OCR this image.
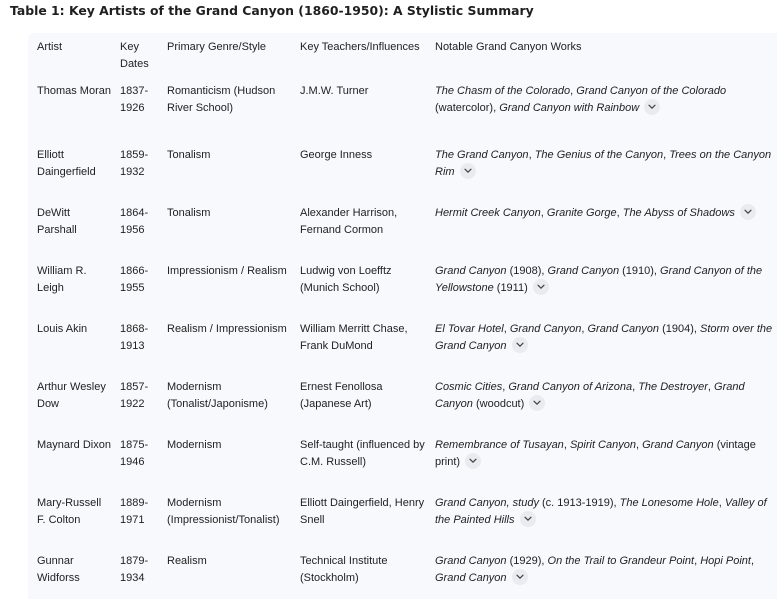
Table 1: Key Artists of the Grand Canyon (1860-1950): A Stylistic Summary
Artist	Key Dates	Primary Genre/Style	Key Teachers/Influences	Notable Grand Canyon Works

Thomas Moran	1837-1926	Romanticism (Hudson River School)	J.M.W. Turner	The Chasm of the Colorado, Grand Canyon of the Colorado (watercolor), Grand Canyon with Rainbow

Elliott Daingerfield	1859-1932	Tonalism	George Inness	The Grand Canyon, The Genius of the Canyon, Trees on the Canyon Rim

DeWitt Parshall	1864-1956	Tonalism	Alexander Harrison, Fernand Cormon	Hermit Creek Canyon, Granite Gorge, The Abyss of Shadows

William R. Leigh	1866-1955	Impressionism / Realism	Ludwig von Loefftz (Munich School)	Grand Canyon (1908), Grand Canyon (1910), Grand Canyon of the Yellowstone (1911)

Louis Akin	1868-1913	Realism / Impressionism	William Merritt Chase, Frank DuMond	El Tovar Hotel, Grand Canyon, Grand Canyon (1904), Storm over the Grand Canyon

Arthur Wesley Dow	1857-1922	Modernism (Tonalist/Japonisme)	Ernest Fenollosa (Japanese Art)	Cosmic Cities, Grand Canyon of Arizona, The Destroyer, Grand Canyon (woodcut)

Maynard Dixon	1875-1946	Modernism	Self-taught (influenced by C.M. Russell)	Remembrance of Tusayan, Spirit Canyon, Grand Canyon (vintage print)

Mary-Russell F. Colton	1889-1971	Modernism (Impressionist/Tonalist)	Elliott Daingerfield, Henry Snell	Grand Canyon, study (c. 1913-1919), The Lonesome Hole, Valley of the Painted Hills

Gunnar Widforss	1879-1934	Realism	Technical Institute (Stockholm)	Grand Canyon (1929), On the Trail to Grandeur Point, Hopi Point, Grand Canyon
